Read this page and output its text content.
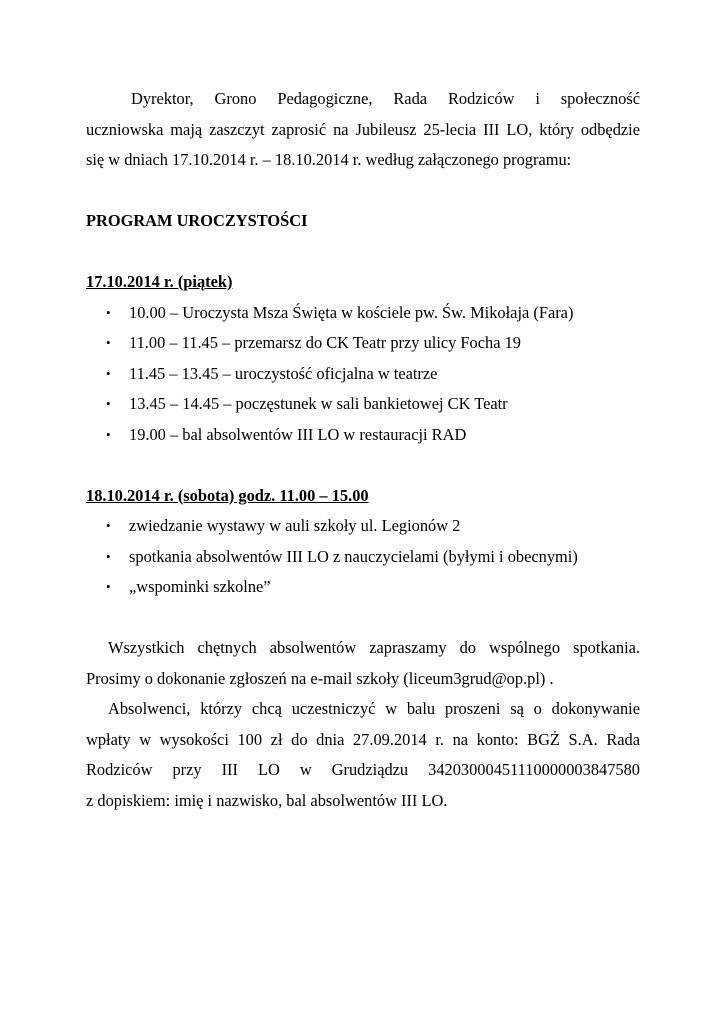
Dyrektor, Grono Pedagogiczne, Rada Rodziców i społeczność
uczniowska mają zaszczyt zaprosić na Jubileusz 25-lecia III LO, który odbędzie
się w dniach 17.10.2014 r. – 18.10.2014 r. według załączonego programu:
PROGRAM UROCZYSTOŚCI
17.10.2014 r. (piątek)
• 10.00 – Uroczysta Msza Święta w kościele pw. Św. Mikołaja (Fara)
• 11.00 – 11.45 – przemarsz do CK Teatr przy ulicy Focha 19
• 11.45 – 13.45 – uroczystość oficjalna w teatrze
• 13.45 – 14.45 – poczęstunek w sali bankietowej CK Teatr
• 19.00 – bal absolwentów III LO w restauracji RAD
18.10.2014 r. (sobota) godz. 11.00 – 15.00
• zwiedzanie wystawy w auli szkoły ul. Legionów 2
• spotkania absolwentów III LO z nauczycielami (byłymi i obecnymi)
• „wspominki szkolne”
Wszystkich chętnych absolwentów zapraszamy do wspólnego spotkania.
Prosimy o dokonanie zgłoszeń na e-mail szkoły (liceum3grud@op.pl) .
Absolwenci, którzy chcą uczestniczyć w balu proszeni są o dokonywanie
wpłaty w wysokości 100 zł do dnia 27.09.2014 r. na konto: BGŻ S.A. Rada
Rodziców przy III LO w Grudziądzu 34203000451110000003847580
z dopiskiem: imię i nazwisko, bal absolwentów III LO.
